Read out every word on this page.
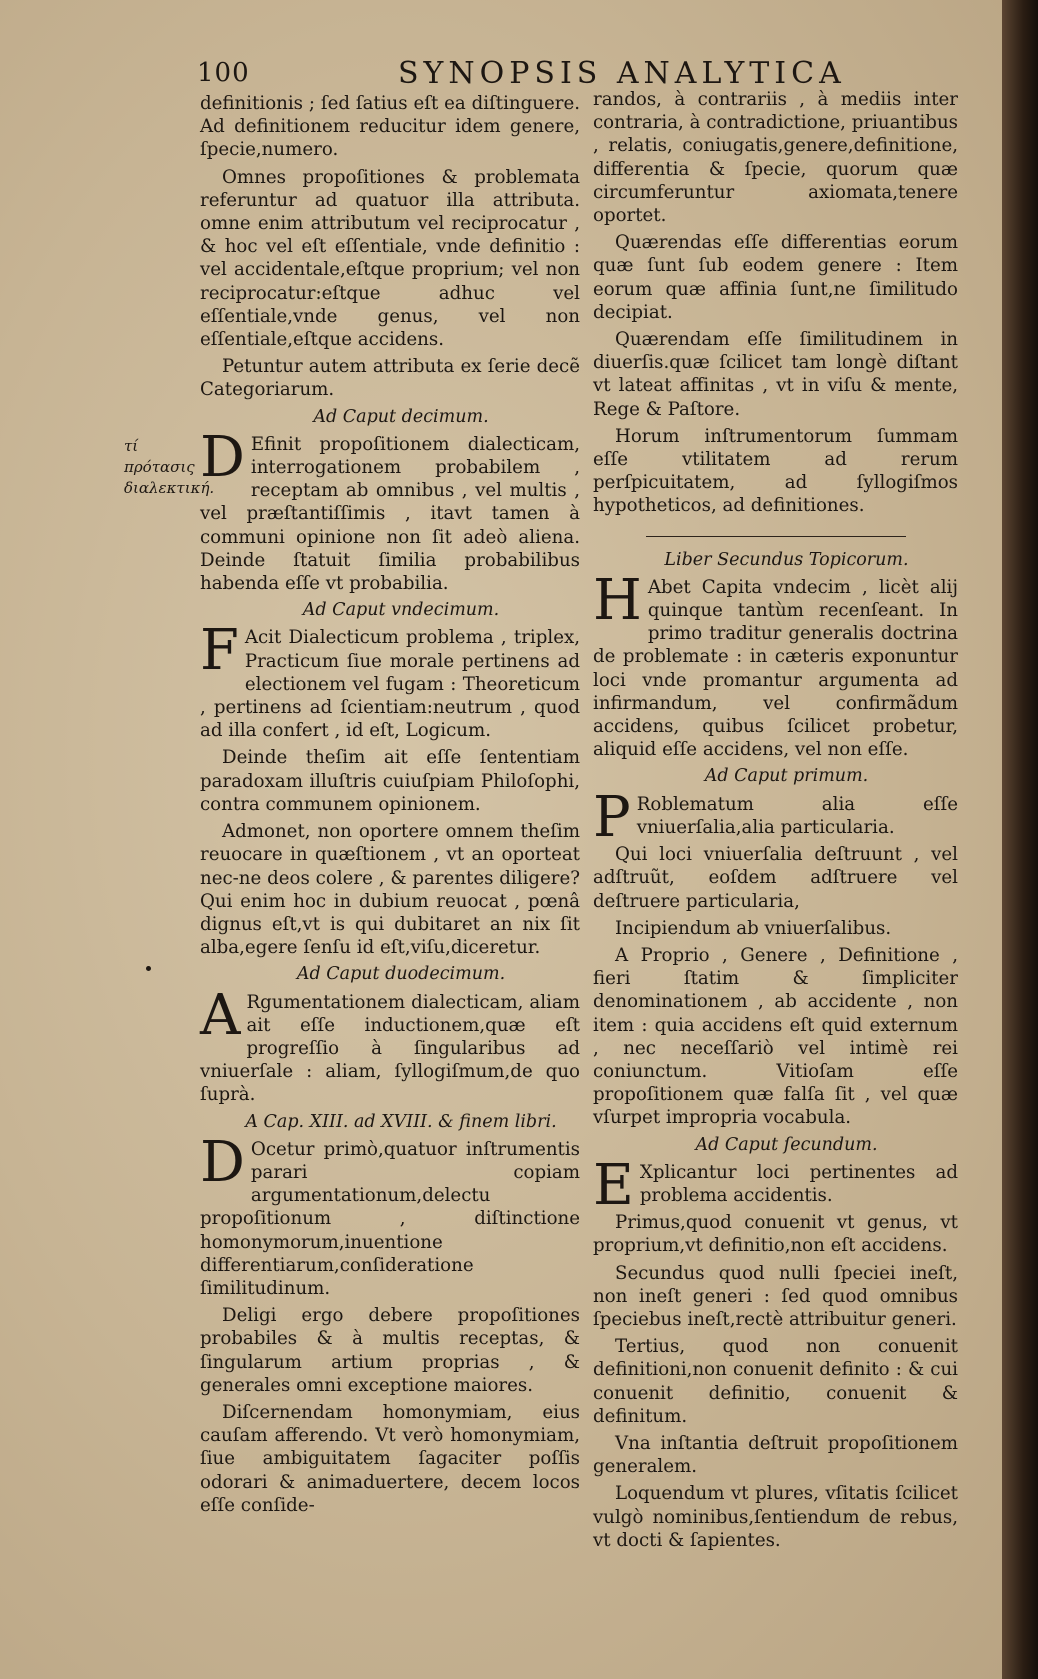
100	SYNOPSIS ANALYTICA
τί πρότασις διαλεκτική.

definitionis ; ſed ſatius eſt ea diſtinguere. Ad definitionem reducitur idem genere, ſpecie,numero.

Omnes propoſitiones & problemata referuntur ad quatuor illa attributa. omne enim attributum vel reciprocatur , & hoc vel eſt eſſentiale, vnde definitio : vel accidentale,eſtque proprium; vel non reciprocatur:eſtque adhuc vel eſſentiale,vnde genus, vel non eſſentiale,eſtque accidens.

Petuntur autem attributa ex ſerie decẽ Categoriarum.

Ad Caput decimum.

D Efinit propoſitionem dialecticam, interrogationem probabilem , receptam ab omnibus , vel multis , vel præſtantiſſimis , itavt tamen à communi opinione non ſit adeò aliena. Deinde ſtatuit ſimilia probabilibus habenda eſſe vt probabilia.

Ad Caput vndecimum.

F Acit Dialecticum problema , triplex, Practicum ſiue morale pertinens ad electionem vel fugam : Theoreticum , pertinens ad ſcientiam:neutrum , quod ad illa confert , id eſt, Logicum.

Deinde theſim ait eſſe ſententiam paradoxam illuſtris cuiuſpiam Philoſophi, contra communem opinionem.

Admonet, non oportere omnem theſim reuocare in quæſtionem , vt an oporteat nec-ne deos colere , & parentes diligere? Qui enim hoc in dubium reuocat , pœnâ dignus eſt,vt is qui dubitaret an nix ſit alba,egere ſenſu id eſt,viſu,diceretur.

Ad Caput duodecimum.

A Rgumentationem dialecticam, aliam ait eſſe inductionem,quæ eſt progreſſio à ſingularibus ad vniuerſale : aliam, ſyllogiſmum,de quo ſuprà.

A Cap. XIII. ad XVIII. & finem libri.

D Ocetur primò,quatuor inſtrumentis parari copiam argumentationum,delectu propoſitionum , diſtinctione homonymorum,inuentione differentiarum,conſideratione ſimilitudinum.

Deligi ergo debere propoſitiones probabiles & à multis receptas, & ſingularum artium proprias , & generales omni exceptione maiores.

Diſcernendam homonymiam, eius cauſam afferendo. Vt verò homonymiam, ſiue ambiguitatem ſagaciter poſſis odorari & animaduertere, decem locos eſſe conſide-

randos, à contrariis , à mediis inter contraria, à contradictione, priuantibus , relatis, coniugatis,genere,definitione, differentia & ſpecie, quorum quæ circumferuntur axiomata,tenere oportet.

Quærendas eſſe differentias eorum quæ ſunt ſub eodem genere : Item eorum quæ affinia ſunt,ne ſimilitudo decipiat.

Quærendam eſſe ſimilitudinem in diuerſis.quæ ſcilicet tam longè diſtant vt lateat affinitas , vt in viſu & mente, Rege & Paſtore.

Horum inſtrumentorum ſummam eſſe vtilitatem ad rerum perſpicuitatem, ad ſyllogiſmos hypotheticos, ad definitiones.

Liber Secundus Topicorum.

H Abet Capita vndecim , licèt alij quinque tantùm recenſeant. In primo traditur generalis doctrina de problemate : in cæteris exponuntur loci vnde promantur argumenta ad infirmandum, vel confirmãdum accidens, quibus ſcilicet probetur, aliquid eſſe accidens, vel non eſſe.

Ad Caput primum.

P Roblematum alia eſſe vniuerſalia,alia particularia.

Qui loci vniuerſalia deſtruunt , vel adſtruũt, eoſdem adſtruere vel deſtruere particularia,

Incipiendum ab vniuerſalibus.

A Proprio , Genere , Definitione , fieri ſtatim & ſimpliciter denominationem , ab accidente , non item : quia accidens eſt quid externum , nec neceſſariò vel intimè rei coniunctum. Vitioſam eſſe propoſitionem quæ falſa ſit , vel quæ vſurpet impropria vocabula.

Ad Caput ſecundum.

E Xplicantur loci pertinentes ad problema accidentis.

Primus,quod conuenit vt genus, vt proprium,vt definitio,non eſt accidens.

Secundus quod nulli ſpeciei ineſt, non ineſt generi : ſed quod omnibus ſpeciebus ineſt,rectè attribuitur generi.

Tertius, quod non conuenit definitioni,non conuenit definito : & cui conuenit definitio, conuenit & definitum.

Vna inſtantia deſtruit propoſitionem generalem.

Loquendum vt plures, vſitatis ſcilicet vulgò nominibus,ſentiendum de rebus, vt docti & ſapientes.
